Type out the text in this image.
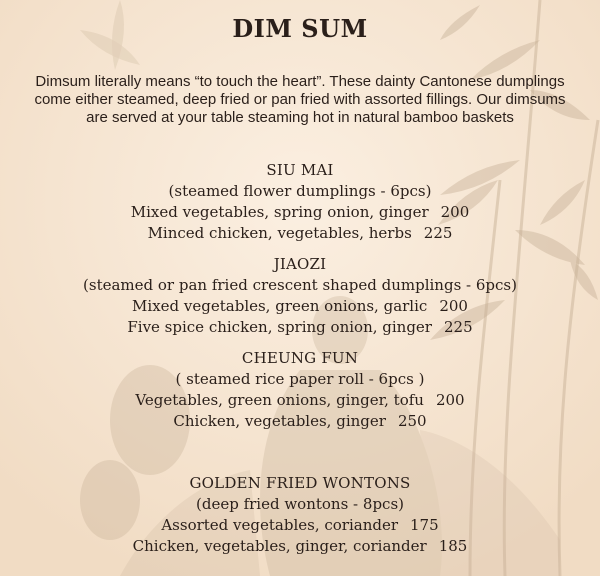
DIM SUM
Dimsum literally means “to touch the heart”. These dainty Cantonese dumplings come either steamed, deep fried or pan fried with assorted fillings. Our dimsums are served at your table steaming hot in natural bamboo baskets
SIU MAI
(steamed flower dumplings - 6pcs)
Mixed vegetables, spring onion, ginger 200
Minced chicken, vegetables, herbs 225
JIAOZI
(steamed or pan fried crescent shaped dumplings - 6pcs)
Mixed vegetables, green onions, garlic 200
Five spice chicken, spring onion, ginger 225
CHEUNG FUN
( steamed rice paper roll - 6pcs )
Vegetables, green onions, ginger, tofu 200
Chicken, vegetables, ginger 250
GOLDEN FRIED WONTONS
(deep fried wontons - 8pcs)
Assorted vegetables, coriander 175
Chicken, vegetables, ginger, coriander 185
